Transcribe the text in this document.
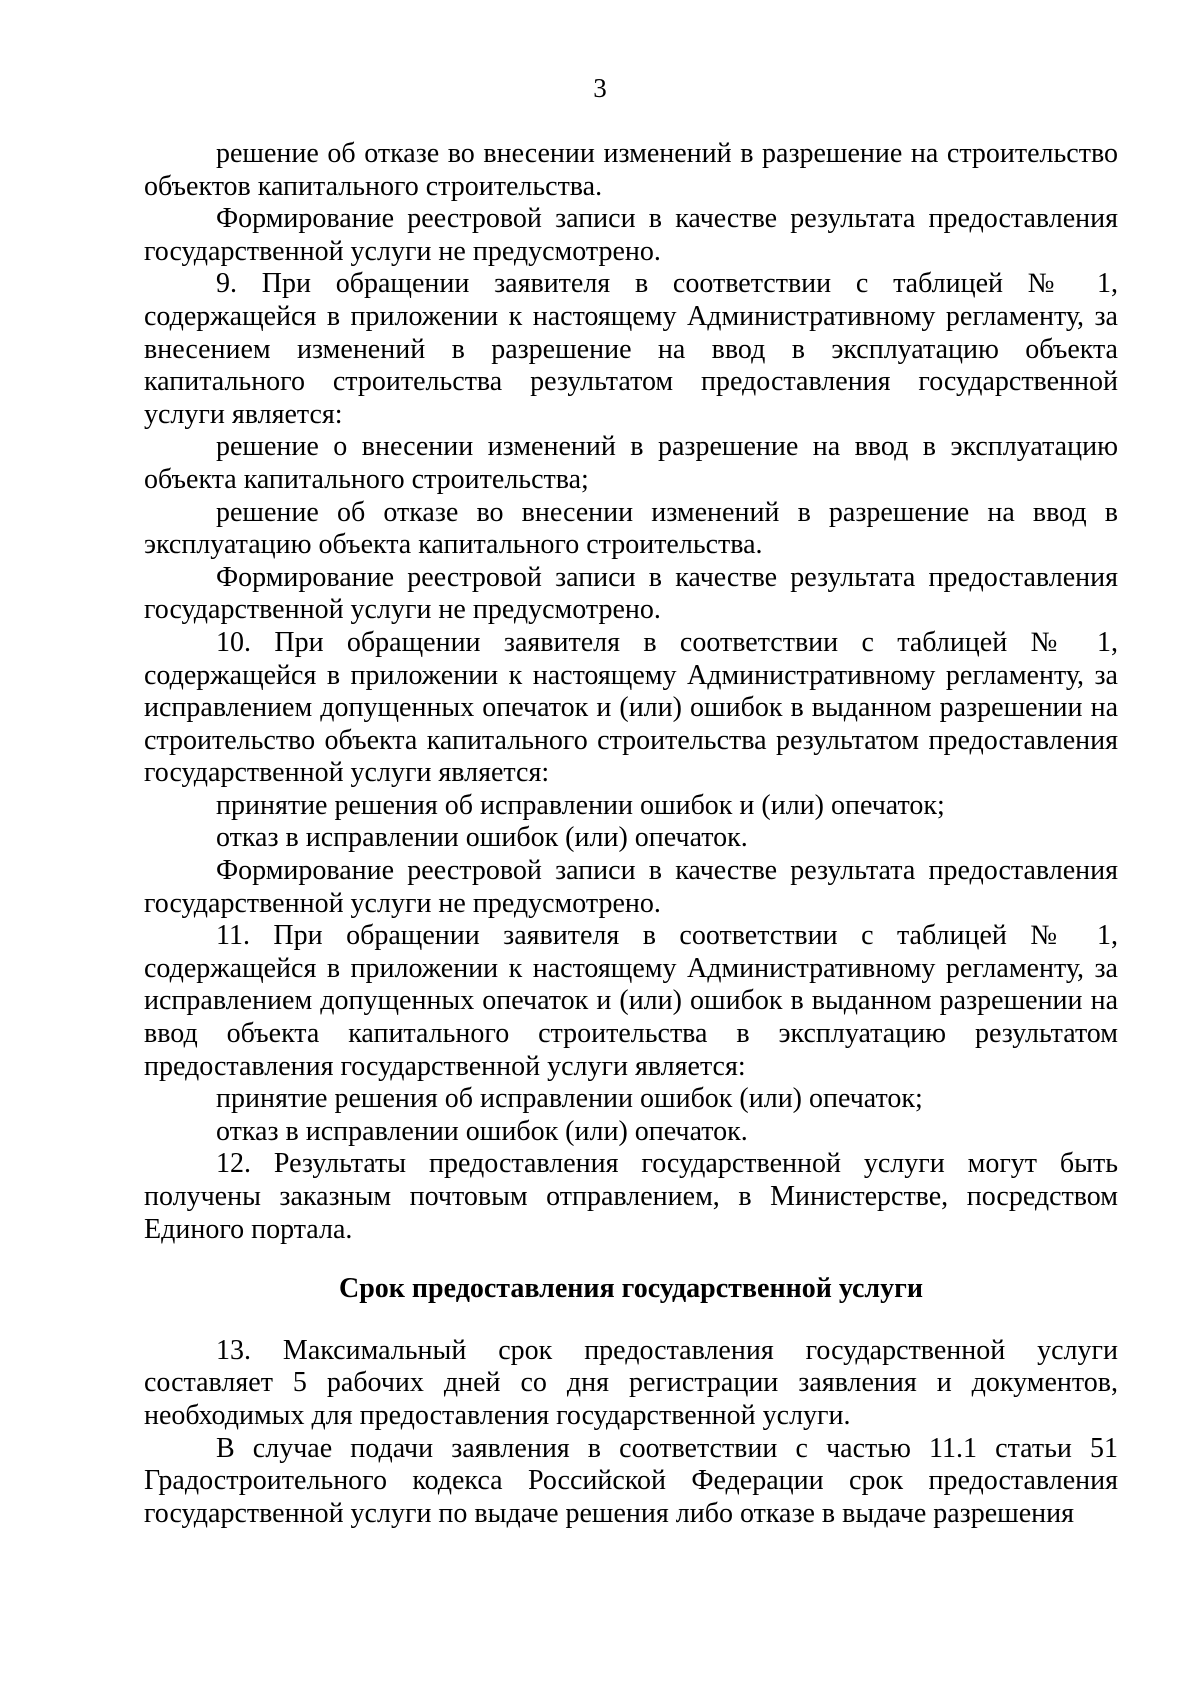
3

решение об отказе во внесении изменений в разрешение на строительство объектов капитального строительства.

Формирование реестровой записи в качестве результата предоставления государственной услуги не предусмотрено.

9. При обращении заявителя в соответствии с таблицей № 1, содержащейся в приложении к настоящему Административному регламенту, за внесением изменений в разрешение на ввод в эксплуатацию объекта капитального строительства результатом предоставления государственной услуги является:

решение о внесении изменений в разрешение на ввод в эксплуатацию объекта капитального строительства;

решение об отказе во внесении изменений в разрешение на ввод в эксплуатацию объекта капитального строительства.

Формирование реестровой записи в качестве результата предоставления государственной услуги не предусмотрено.

10. При обращении заявителя в соответствии с таблицей № 1, содержащейся в приложении к настоящему Административному регламенту, за исправлением допущенных опечаток и (или) ошибок в выданном разрешении на строительство объекта капитального строительства результатом предоставления государственной услуги является:

принятие решения об исправлении ошибок и (или) опечаток;

отказ в исправлении ошибок (или) опечаток.

Формирование реестровой записи в качестве результата предоставления государственной услуги не предусмотрено.

11. При обращении заявителя в соответствии с таблицей № 1, содержащейся в приложении к настоящему Административному регламенту, за исправлением допущенных опечаток и (или) ошибок в выданном разрешении на ввод объекта капитального строительства в эксплуатацию результатом предоставления государственной услуги является:

принятие решения об исправлении ошибок (или) опечаток;

отказ в исправлении ошибок (или) опечаток.

12. Результаты предоставления государственной услуги могут быть получены заказным почтовым отправлением, в Министерстве, посредством Единого портала.

Срок предоставления государственной услуги

13. Максимальный срок предоставления государственной услуги составляет 5 рабочих дней со дня регистрации заявления и документов, необходимых для предоставления государственной услуги.

В случае подачи заявления в соответствии с частью 11.1 статьи 51 Градостроительного кодекса Российской Федерации срок предоставления государственной услуги по выдаче решения либо отказе в выдаче разрешения
